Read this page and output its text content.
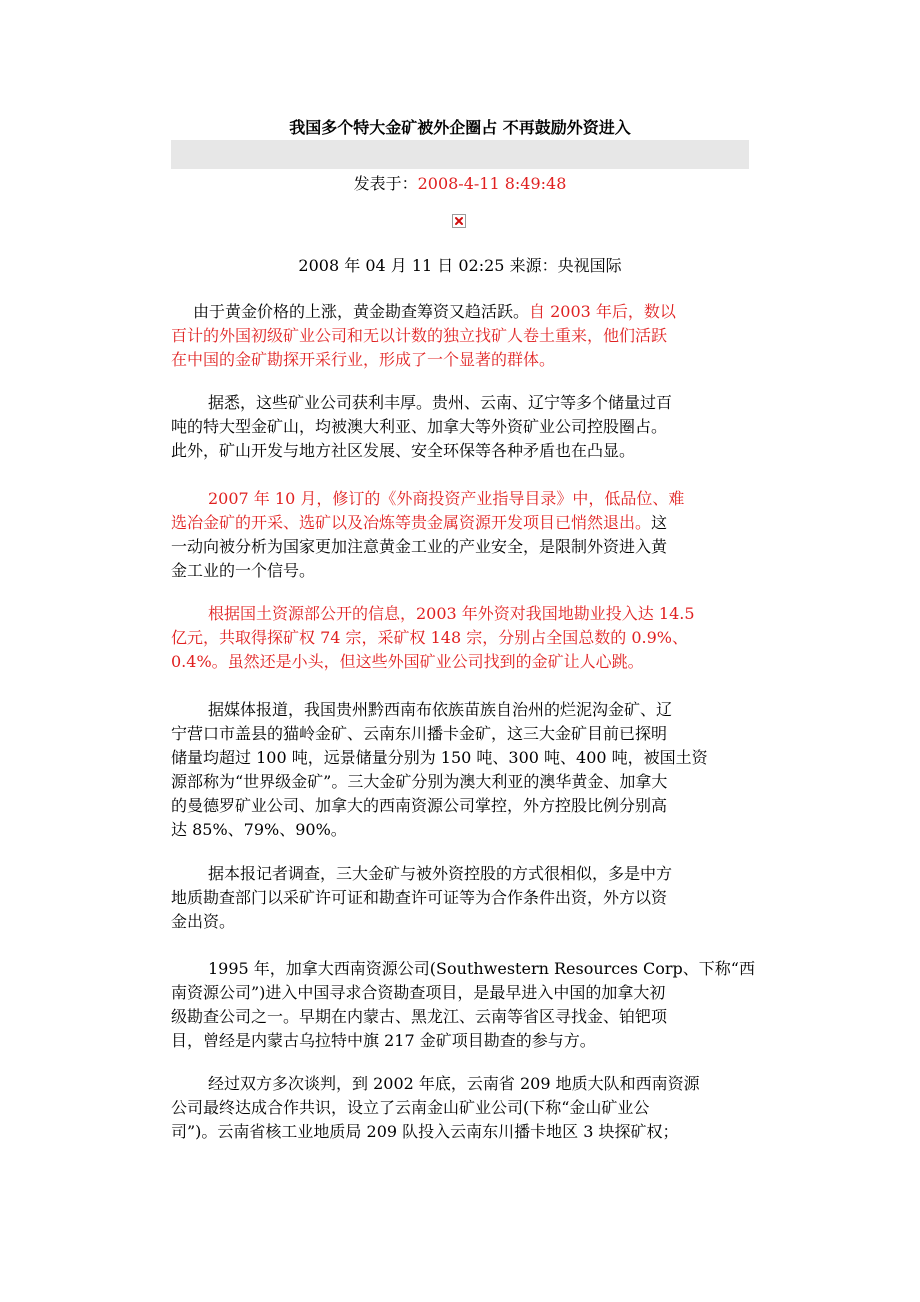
我国多个特大金矿被外企圈占 不再鼓励外资进入
发表于：2008-4-11 8:49:48
2008 年 04 月 11 日 02:25 来源：央视国际
由于黄金价格的上涨，黄金勘查筹资又趋活跃。自 2003 年后，数以
百计的外国初级矿业公司和无以计数的独立找矿人卷土重来，他们活跃
在中国的金矿勘探开采行业，形成了一个显著的群体。
据悉，这些矿业公司获利丰厚。贵州、云南、辽宁等多个储量过百
吨的特大型金矿山，均被澳大利亚、加拿大等外资矿业公司控股圈占。
此外，矿山开发与地方社区发展、安全环保等各种矛盾也在凸显。
2007 年 10 月，修订的《外商投资产业指导目录》中，低品位、难
选冶金矿的开采、选矿以及冶炼等贵金属资源开发项目已悄然退出。这
一动向被分析为国家更加注意黄金工业的产业安全，是限制外资进入黄
金工业的一个信号。
根据国土资源部公开的信息，2003 年外资对我国地勘业投入达 14.5
亿元，共取得探矿权 74 宗，采矿权 148 宗，分别占全国总数的 0.9%、
0.4%。虽然还是小头，但这些外国矿业公司找到的金矿让人心跳。
据媒体报道，我国贵州黔西南布依族苗族自治州的烂泥沟金矿、辽
宁营口市盖县的猫岭金矿、云南东川播卡金矿，这三大金矿目前已探明
储量均超过 100 吨，远景储量分别为 150 吨、300 吨、400 吨，被国土资
源部称为“世界级金矿”。三大金矿分别为澳大利亚的澳华黄金、加拿大
的曼德罗矿业公司、加拿大的西南资源公司掌控，外方控股比例分别高
达 85%、79%、90%。
据本报记者调查，三大金矿与被外资控股的方式很相似，多是中方
地质勘查部门以采矿许可证和勘查许可证等为合作条件出资，外方以资
金出资。
1995 年，加拿大西南资源公司(Southwestern Resources Corp、下称“西
南资源公司”)进入中国寻求合资勘查项目，是最早进入中国的加拿大初
级勘查公司之一。早期在内蒙古、黑龙江、云南等省区寻找金、铂钯项
目，曾经是内蒙古乌拉特中旗 217 金矿项目勘查的参与方。
经过双方多次谈判，到 2002 年底，云南省 209 地质大队和西南资源
公司最终达成合作共识，设立了云南金山矿业公司(下称“金山矿业公
司”)。云南省核工业地质局 209 队投入云南东川播卡地区 3 块探矿权；
